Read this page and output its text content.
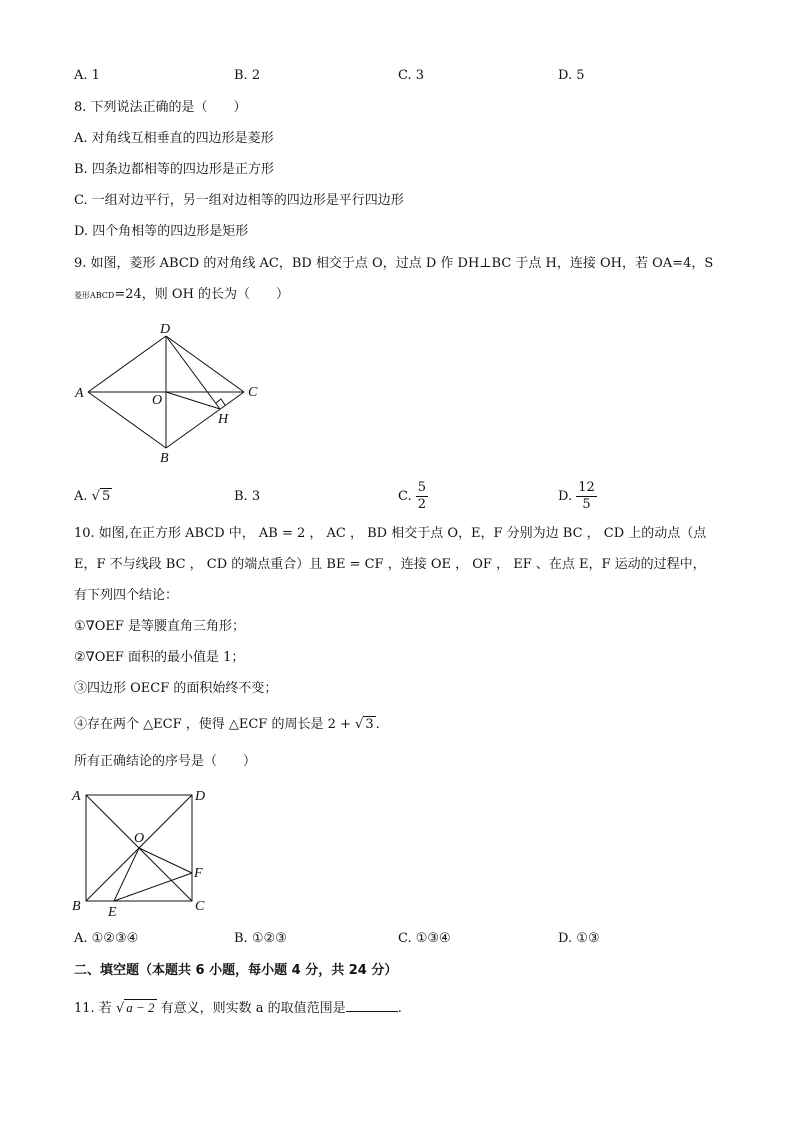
A. 1	B. 2	C. 3	D. 5
8. 下列说法正确的是（　　）
A. 对角线互相垂直的四边形是菱形
B. 四条边都相等的四边形是正方形
C. 一组对边平行，另一组对边相等的四边形是平行四边形
D. 四个角相等的四边形是矩形
9. 如图，菱形 ABCD 的对角线 AC，BD 相交于点 O，过点 D 作 DH⊥BC 于点 H，连接 OH，若 OA=4，S
菱形ABCD=24，则 OH 的长为（　　）
A
D
C
B
O
H
A. √ 5	B. 3	C. $\frac{5}{2}$	D. $\frac{12}{5}$
10. 如图,在正方形 ABCD 中， AB = 2 ， AC ， BD 相交于点 O，E，F 分别为边 BC ， CD 上的动点（点
E，F 不与线段 BC ， CD 的端点重合）且 BE = CF ，连接 OE ， OF ， EF 、在点 E，F 运动的过程中，
有下列四个结论：
①∇OEF 是等腰直角三角形；
②∇OEF 面积的最小值是 1；
③四边形 OECF 的面积始终不变；
④存在两个 △ECF ，使得 △ECF 的周长是 2 + √ 3 .
所有正确结论的序号是（　　）
A	D
B	C
O
E
F
A. ①②③④	B. ①②③	C. ①③④	D. ①③
二、填空题（本题共 6 小题，每小题 4 分，共 24 分）
11. 若 √ a − 2 有意义，则实数 a 的取值范围是	.
